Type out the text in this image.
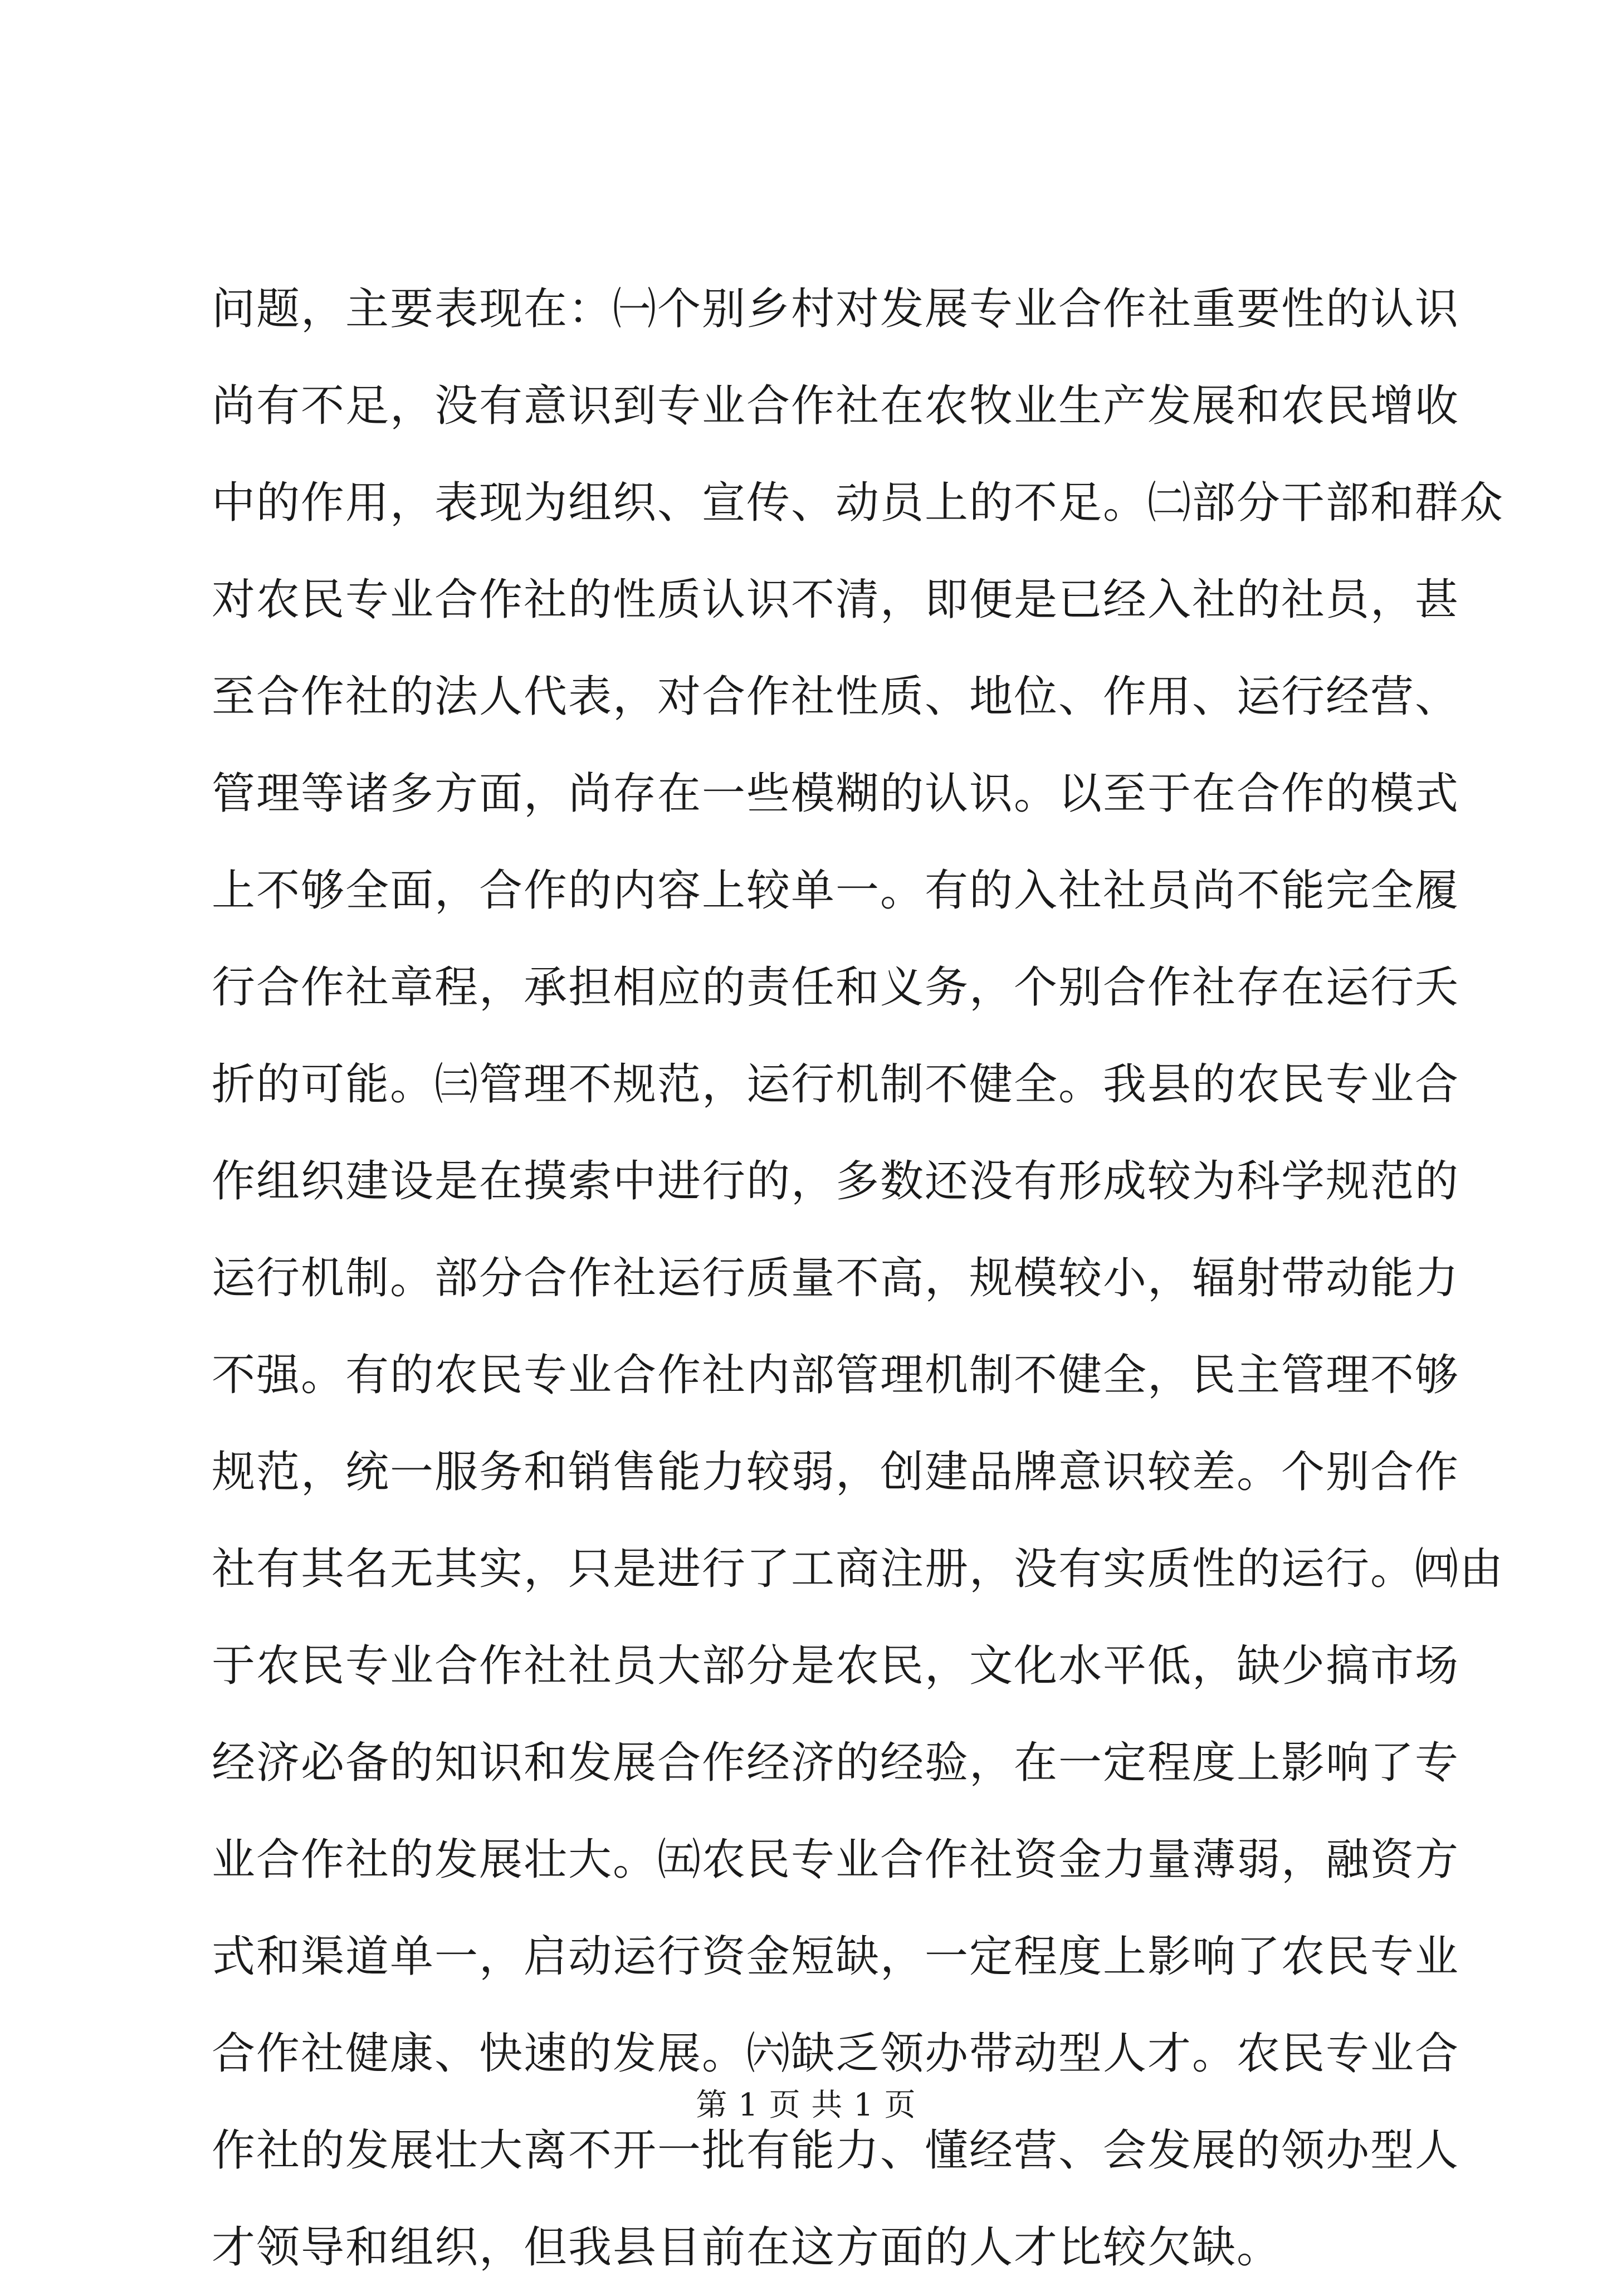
问题，主要表现在：㈠个别乡村对发展专业合作社重要性的认识
尚有不足，没有意识到专业合作社在农牧业生产发展和农民增收
中的作用，表现为组织、宣传、动员上的不足。㈡部分干部和群众
对农民专业合作社的性质认识不清，即便是已经入社的社员，甚
至合作社的法人代表，对合作社性质、地位、作用、运行经营、
管理等诸多方面，尚存在一些模糊的认识。以至于在合作的模式
上不够全面，合作的内容上较单一。有的入社社员尚不能完全履
行合作社章程，承担相应的责任和义务，个别合作社存在运行夭
折的可能。㈢管理不规范，运行机制不健全。我县的农民专业合
作组织建设是在摸索中进行的，多数还没有形成较为科学规范的
运行机制。部分合作社运行质量不高，规模较小，辐射带动能力
不强。有的农民专业合作社内部管理机制不健全，民主管理不够
规范，统一服务和销售能力较弱，创建品牌意识较差。个别合作
社有其名无其实，只是进行了工商注册，没有实质性的运行。㈣由
于农民专业合作社社员大部分是农民，文化水平低，缺少搞市场
经济必备的知识和发展合作经济的经验，在一定程度上影响了专
业合作社的发展壮大。㈤农民专业合作社资金力量薄弱，融资方
式和渠道单一，启动运行资金短缺，一定程度上影响了农民专业
合作社健康、快速的发展。㈥缺乏领办带动型人才。农民专业合
作社的发展壮大离不开一批有能力、懂经营、会发展的领办型人
才领导和组织，但我县目前在这方面的人才比较欠缺。
第 1 页 共 1 页
